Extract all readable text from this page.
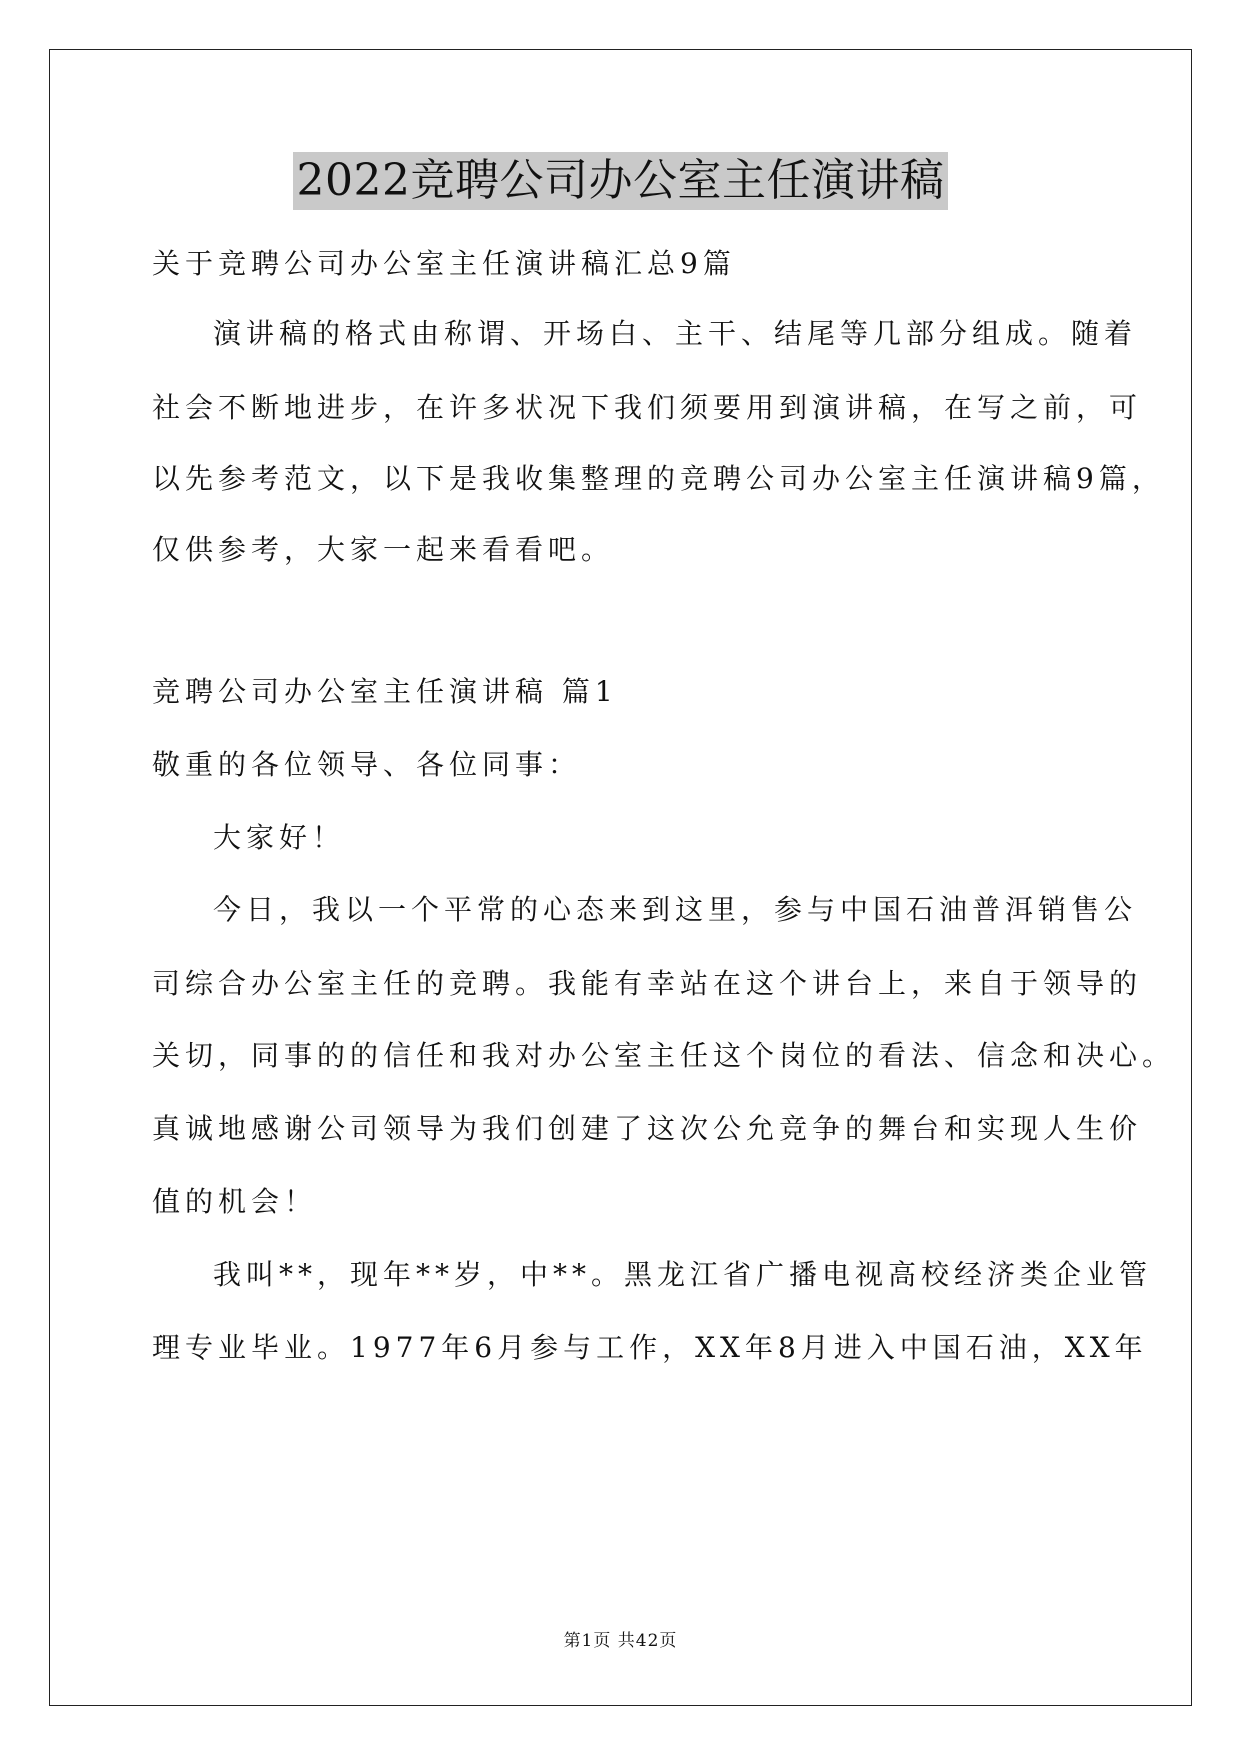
2022竞聘公司办公室主任演讲稿
关于竞聘公司办公室主任演讲稿汇总9篇
演讲稿的格式由称谓、开场白、主干、结尾等几部分组成。随着
社会不断地进步，在许多状况下我们须要用到演讲稿，在写之前，可
以先参考范文，以下是我收集整理的竞聘公司办公室主任演讲稿9篇，
仅供参考，大家一起来看看吧。
竞聘公司办公室主任演讲稿 篇1
敬重的各位领导、各位同事：
大家好！
今日，我以一个平常的心态来到这里，参与中国石油普洱销售公
司综合办公室主任的竞聘。我能有幸站在这个讲台上，来自于领导的
关切，同事的的信任和我对办公室主任这个岗位的看法、信念和决心。
真诚地感谢公司领导为我们创建了这次公允竞争的舞台和实现人生价
值的机会！
我叫**，现年**岁，中**。黑龙江省广播电视高校经济类企业管
理专业毕业。1977年6月参与工作，XX年8月进入中国石油，XX年
第1页 共42页
